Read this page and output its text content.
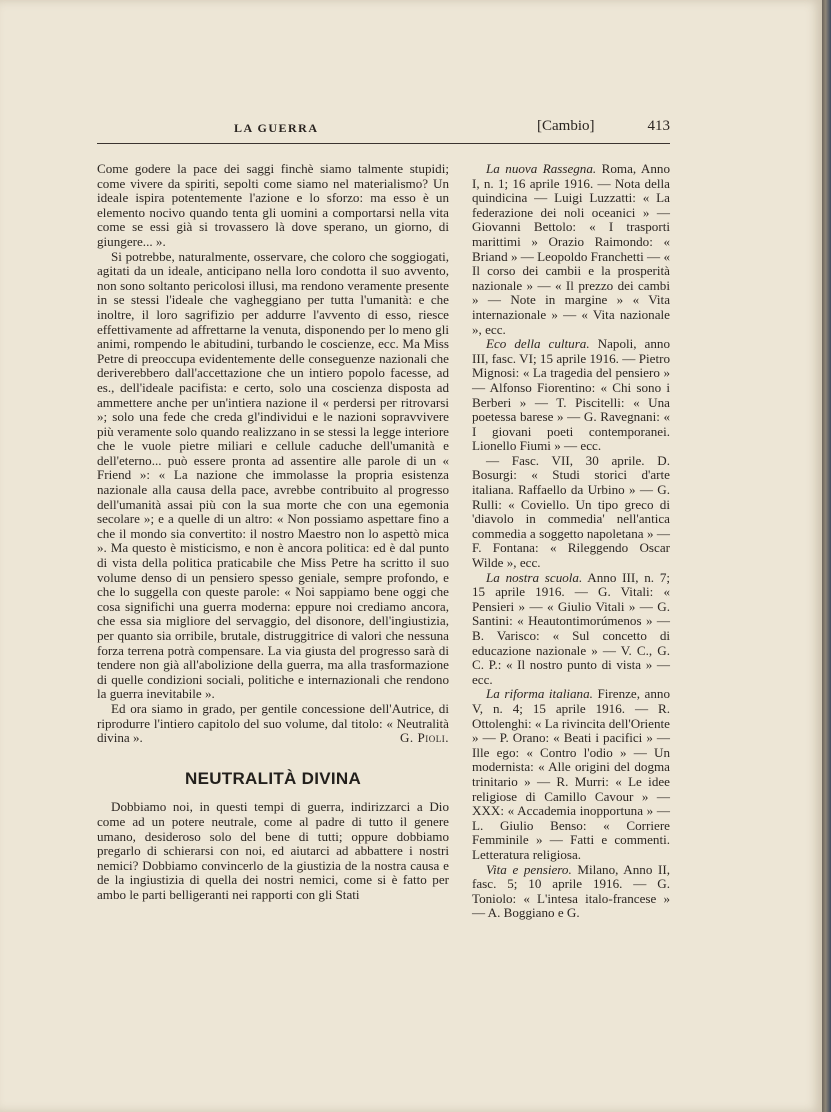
LA GUERRA	[Cambio]	413

Come godere la pace dei saggi finchè siamo talmente stupidi; come vivere da spiriti, sepolti come siamo nel materialismo? Un ideale ispira potentemente l'azione e lo sforzo: ma esso è un elemento nocivo quando tenta gli uomini a comportarsi nella vita come se essi già si trovassero là dove sperano, un giorno, di giungere... ».

Si potrebbe, naturalmente, osservare, che coloro che soggiogati, agitati da un ideale, anticipano nella loro condotta il suo avvento, non sono soltanto pericolosi illusi, ma rendono veramente presente in se stessi l'ideale che vagheggiano per tutta l'umanità: e che inoltre, il loro sagrifizio per addurre l'avvento di esso, riesce effettivamente ad affrettarne la venuta, disponendo per lo meno gli animi, rompendo le abitudini, turbando le coscienze, ecc. Ma Miss Petre di preoccupa evidentemente delle conseguenze nazionali che deriverebbero dall'accettazione che un intiero popolo facesse, ad es., dell'ideale pacifista: e certo, solo una coscienza disposta ad ammettere anche per un'intiera nazione il « perdersi per ritrovarsi »; solo una fede che creda gl'individui e le nazioni sopravvivere più veramente solo quando realizzano in se stessi la legge interiore che le vuole pietre miliari e cellule caduche dell'umanità e dell'eterno... può essere pronta ad assentire alle parole di un « Friend »: « La nazione che immolasse la propria esistenza nazionale alla causa della pace, avrebbe contribuito al progresso dell'umanità assai più con la sua morte che con una egemonia secolare »; e a quelle di un altro: « Non possiamo aspettare fino a che il mondo sia convertito: il nostro Maestro non lo aspettò mica ». Ma questo è misticismo, e non è ancora politica: ed è dal punto di vista della politica praticabile che Miss Petre ha scritto il suo volume denso di un pensiero spesso geniale, sempre profondo, e che lo suggella con queste parole: « Noi sappiamo bene oggi che cosa significhi una guerra moderna: eppure noi crediamo ancora, che essa sia migliore del servaggio, del disonore, dell'ingiustizia, per quanto sia orribile, brutale, distruggitrice di valori che nessuna forza terrena potrà compensare. La via giusta del progresso sarà di tendere non già all'abolizione della guerra, ma alla trasformazione di quelle condizioni sociali, politiche e internazionali che rendono la guerra inevitabile ».

Ed ora siamo in grado, per gentile concessione dell'Autrice, di riprodurre l'intiero capitolo del suo volume, dal titolo: « Neutralità divina ».	G. Pioli.

NEUTRALITÀ DIVINA

Dobbiamo noi, in questi tempi di guerra, indirizzarci a Dio come ad un potere neutrale, come al padre di tutto il genere umano, desideroso solo del bene di tutti; oppure dobbiamo pregarlo di schierarsi con noi, ed aiutarci ad abbattere i nostri nemici? Dobbiamo convincerlo de la giustizia de la nostra causa e de la ingiustizia di quella dei nostri nemici, come si è fatto per ambo le parti belligeranti nei rapporti con gli Stati

La nuova Rassegna. Roma, Anno I, n. 1; 16 aprile 1916. — Nota della quindicina — Luigi Luzzatti: « La federazione dei noli oceanici » — Giovanni Bettolo: « I trasporti marittimi » Orazio Raimondo: « Briand » — Leopoldo Franchetti — « Il corso dei cambii e la prosperità nazionale » — « Il prezzo dei cambi » — Note in margine » « Vita internazionale » — « Vita nazionale », ecc.

Eco della cultura. Napoli, anno III, fasc. VI; 15 aprile 1916. — Pietro Mignosi: « La tragedia del pensiero » — Alfonso Fiorentino: « Chi sono i Berberi » — T. Piscitelli: « Una poetessa barese » — G. Ravegnani: « I giovani poeti contemporanei. Lionello Fiumi » — ecc.
— Fasc. VII, 30 aprile. D. Bosurgi: « Studi storici d'arte italiana. Raffaello da Urbino » — G. Rulli: « Coviello. Un tipo greco di 'diavolo in commedia' nell'antica commedia a soggetto napoletana » — F. Fontana: « Rileggendo Oscar Wilde », ecc.

La nostra scuola. Anno III, n. 7; 15 aprile 1916. — G. Vitali: « Pensieri » — « Giulio Vitali » — G. Santini: « Heautontimorúmenos » — B. Varisco: « Sul concetto di educazione nazionale » — V. C., G. C. P.: « Il nostro punto di vista » — ecc.

La riforma italiana. Firenze, anno V, n. 4; 15 aprile 1916. — R. Ottolenghi: « La rivincita dell'Oriente » — P. Orano: « Beati i pacifici » — Ille ego: « Contro l'odio » — Un modernista: « Alle origini del dogma trinitario » — R. Murri: « Le idee religiose di Camillo Cavour » — XXX: « Accademia inopportuna » — L. Giulio Benso: « Corriere Femminile » — Fatti e commenti. Letteratura religiosa.

Vita e pensiero. Milano, Anno II, fasc. 5; 10 aprile 1916. — G. Toniolo: « L'intesa italo-francese » — A. Boggiano e G.
